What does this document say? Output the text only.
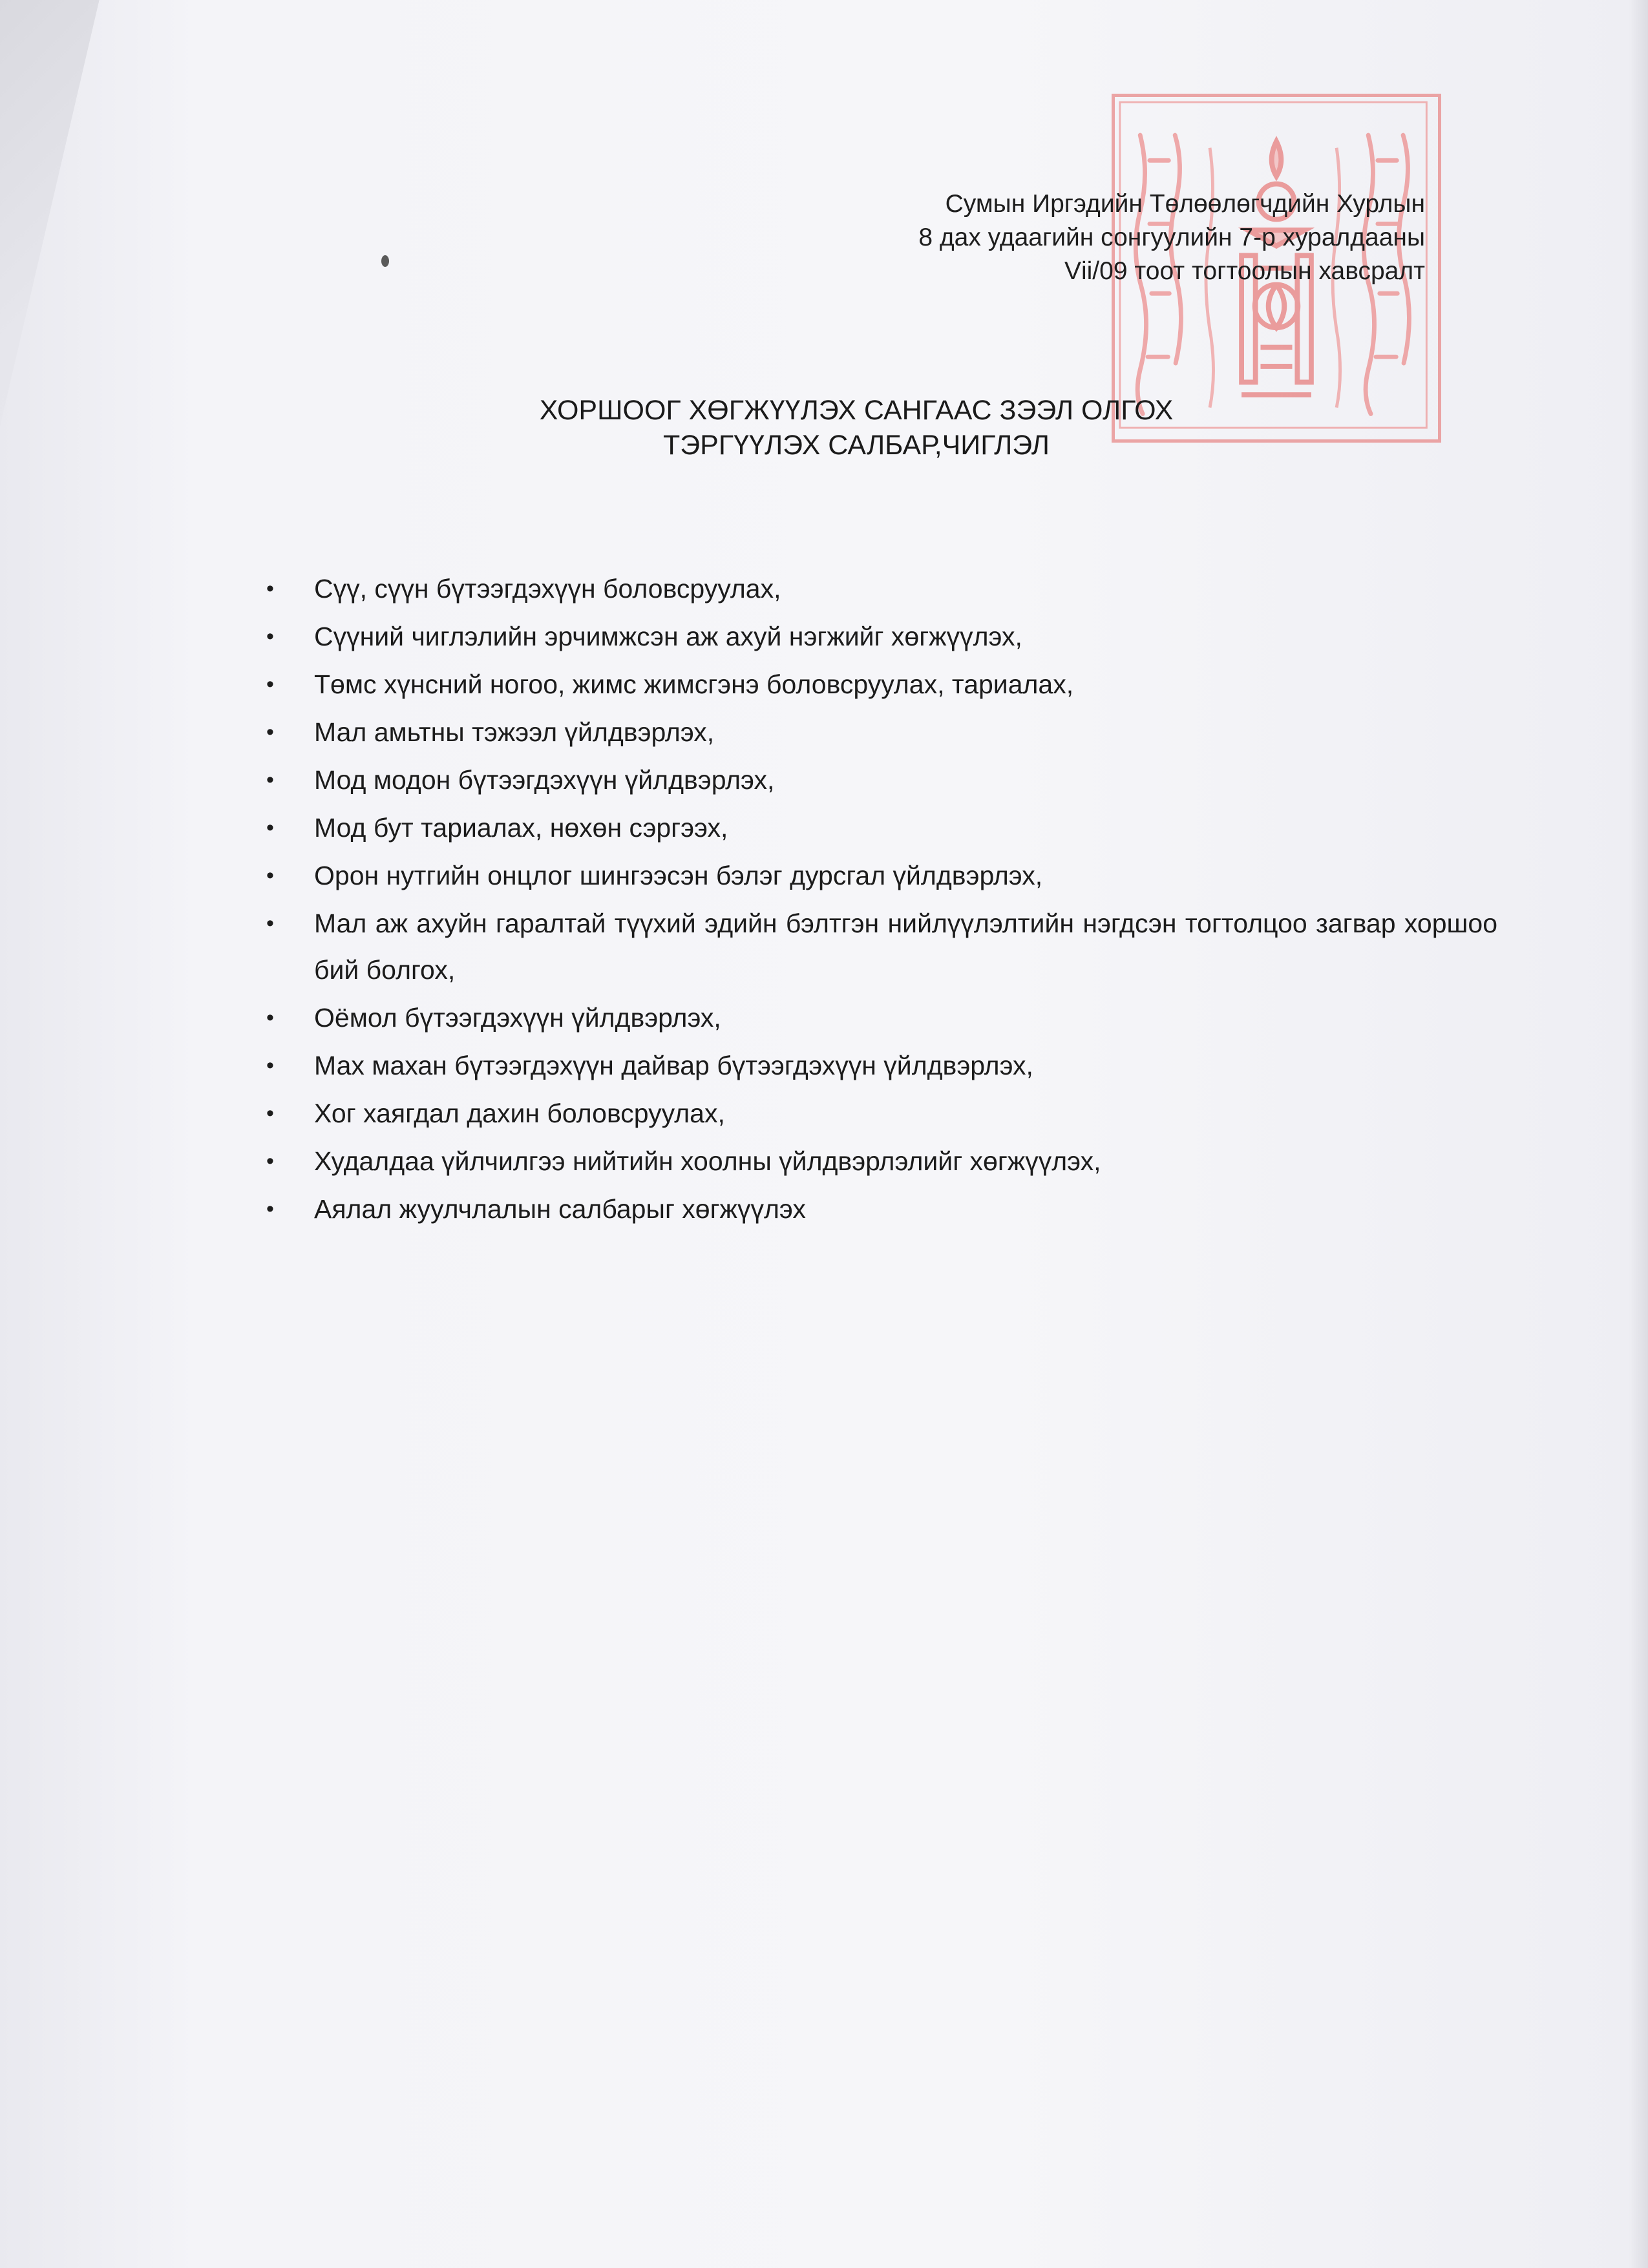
Сумын Иргэдийн Төлөөлөгчдийн Хурлын
8 дах удаагийн сонгуулийн 7-р хуралдааны
Vіі/09 тоот тогтоолын хавсралт
ХОРШООГ ХӨГЖҮҮЛЭХ САНГААС ЗЭЭЛ ОЛГОХ
ТЭРГҮҮЛЭХ САЛБАР,ЧИГЛЭЛ
•	Сүү, сүүн бүтээгдэхүүн боловсруулах,
•	Сүүний чиглэлийн эрчимжсэн аж ахуй нэгжийг хөгжүүлэх,
•	Төмс хүнсний ногоо, жимс жимсгэнэ боловсруулах, тариалах,
•	Мал амьтны тэжээл үйлдвэрлэх,
•	Мод модон бүтээгдэхүүн үйлдвэрлэх,
•	Мод бут тариалах, нөхөн сэргээх,
•	Орон нутгийн онцлог шингээсэн бэлэг дурсгал үйлдвэрлэх,
•	Мал аж ахуйн гаралтай түүхий эдийн бэлтгэн нийлүүлэлтийн нэгдсэн тогтолцоо загвар хоршоо бий болгох,
•	Оёмол бүтээгдэхүүн үйлдвэрлэх,
•	Мах махан бүтээгдэхүүн дайвар бүтээгдэхүүн үйлдвэрлэх,
•	Хог хаягдал дахин боловсруулах,
•	Худалдаа үйлчилгээ нийтийн хоолны үйлдвэрлэлийг хөгжүүлэх,
•	Аялал жуулчлалын салбарыг хөгжүүлэх
